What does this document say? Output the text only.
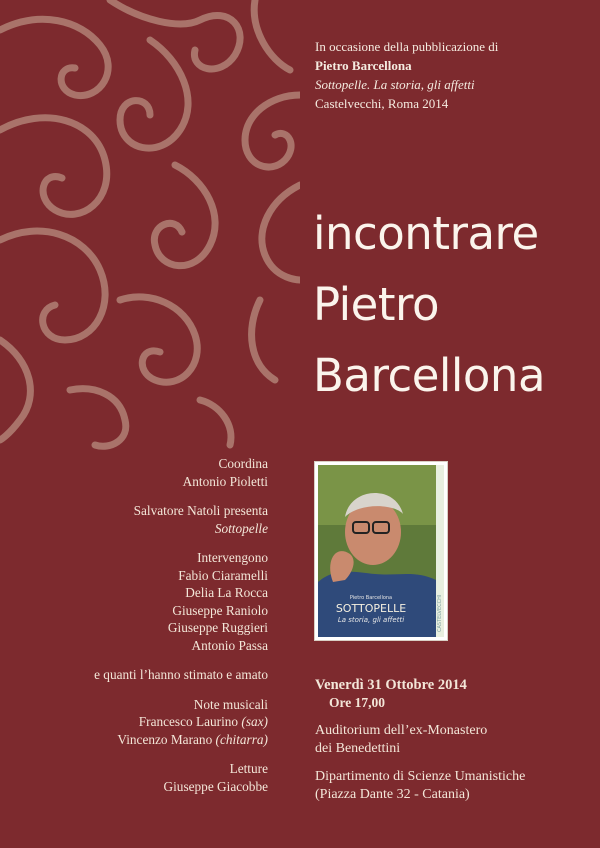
In occasione della pubblicazione di
Pietro Barcellona
Sottopelle. La storia, gli affetti
Castelvecchi, Roma 2014
incontrare
Pietro
Barcellona
Coordina
Antonio Pioletti
Salvatore Natoli presenta
Sottopelle
Intervengono
Fabio Ciaramelli
Delia La Rocca
Giuseppe Raniolo
Giuseppe Ruggieri
Antonio Passa
e quanti l’hanno stimato e amato
Note musicali
Francesco Laurino (sax)
Vincenzo Marano (chitarra)
Letture
Giuseppe Giacobbe
CASTELVECCHI
Pietro Barcellona
SOTTOPELLE
La storia, gli affetti
Venerdì 31 Ottobre 2014
Ore 17,00
Auditorium dell’ex-Monastero
dei Benedettini
Dipartimento di Scienze Umanistiche
(Piazza Dante 32 - Catania)
